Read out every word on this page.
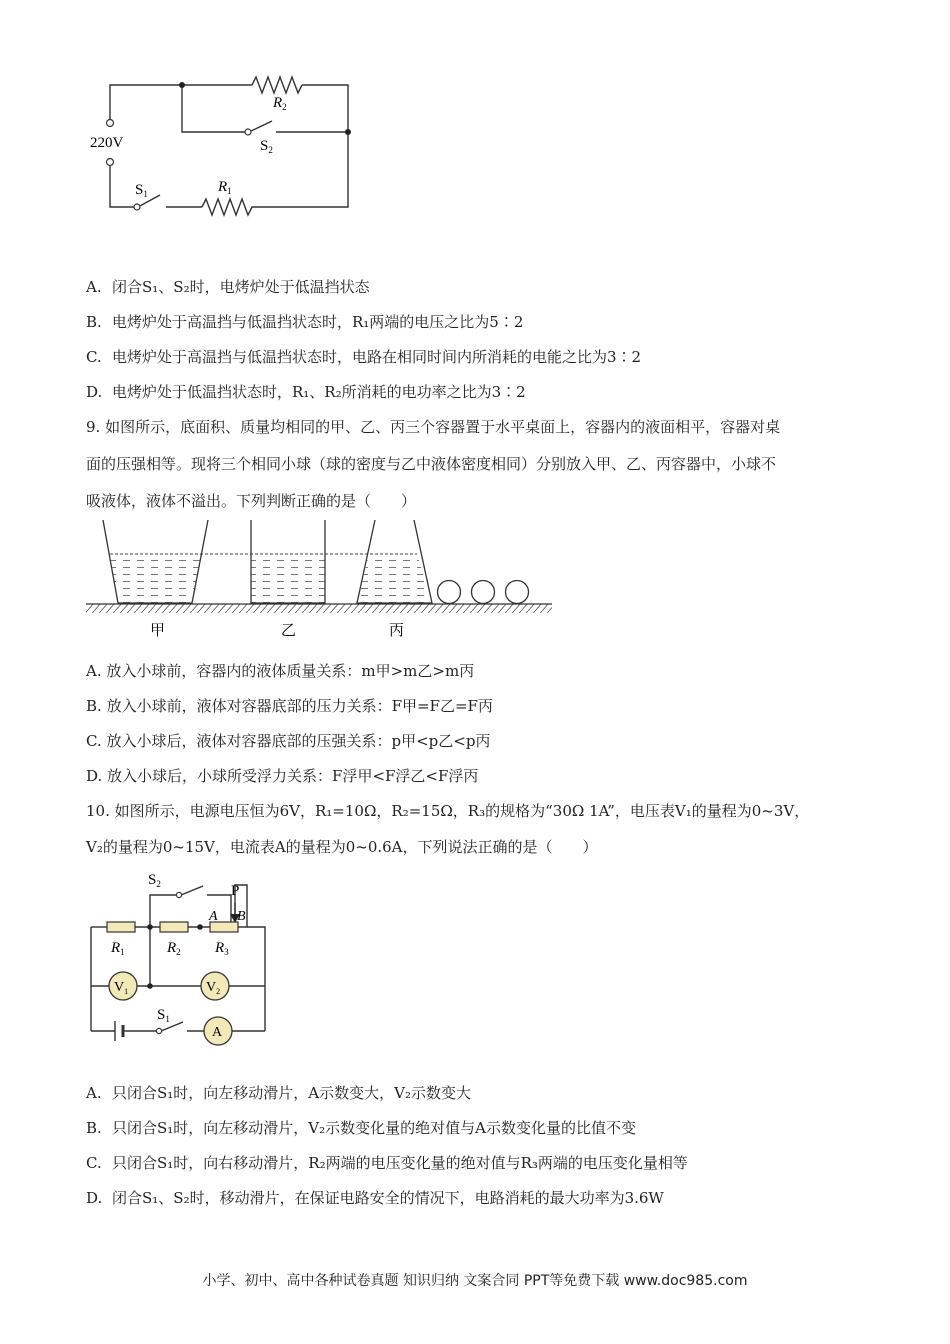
220V
$R_2$
$S_2$
$S_1$	$R_1$
A. 闭合S₁、S₂时，电烤炉处于低温挡状态
B. 电烤炉处于高温挡与低温挡状态时，R₁两端的电压之比为5∶2
C. 电烤炉处于高温挡与低温挡状态时，电路在相同时间内所消耗的电能之比为3∶2
D. 电烤炉处于低温挡状态时，R₁、R₂所消耗的电功率之比为3∶2
9. 如图所示，底面积、质量均相同的甲、乙、丙三个容器置于水平桌面上，容器内的液面相平，容器对桌
面的压强相等。现将三个相同小球（球的密度与乙中液体密度相同）分别放入甲、乙、丙容器中，小球不
吸液体，液体不溢出。下列判断正确的是（　　）
甲	乙	丙
A. 放入小球前，容器内的液体质量关系：m甲>m乙>m丙
B. 放入小球前，液体对容器底部的压力关系：F甲=F乙=F丙
C. 放入小球后，液体对容器底部的压强关系：p甲<p乙<p丙
D. 放入小球后，小球所受浮力关系：F浮甲<F浮乙<F浮丙
10. 如图所示，电源电压恒为6V，R₁=10Ω，R₂=15Ω，R₃的规格为“30Ω 1A”，电压表V₁的量程为0~3V，
V₂的量程为0~15V，电流表A的量程为0~0.6A，下列说法正确的是（　　）
$S_2$	P
A B
$R_1$	$R_2$ $R_3$
$V_1$	$V_2$
$S_1$
A
A. 只闭合S₁时，向左移动滑片，A示数变大，V₂示数变大
B. 只闭合S₁时，向左移动滑片，V₂示数变化量的绝对值与A示数变化量的比值不变
C. 只闭合S₁时，向右移动滑片，R₂两端的电压变化量的绝对值与R₃两端的电压变化量相等
D. 闭合S₁、S₂时，移动滑片，在保证电路安全的情况下，电路消耗的最大功率为3.6W
小学、初中、高中各种试卷真题 知识归纳 文案合同 PPT等免费下载 www.doc985.com
